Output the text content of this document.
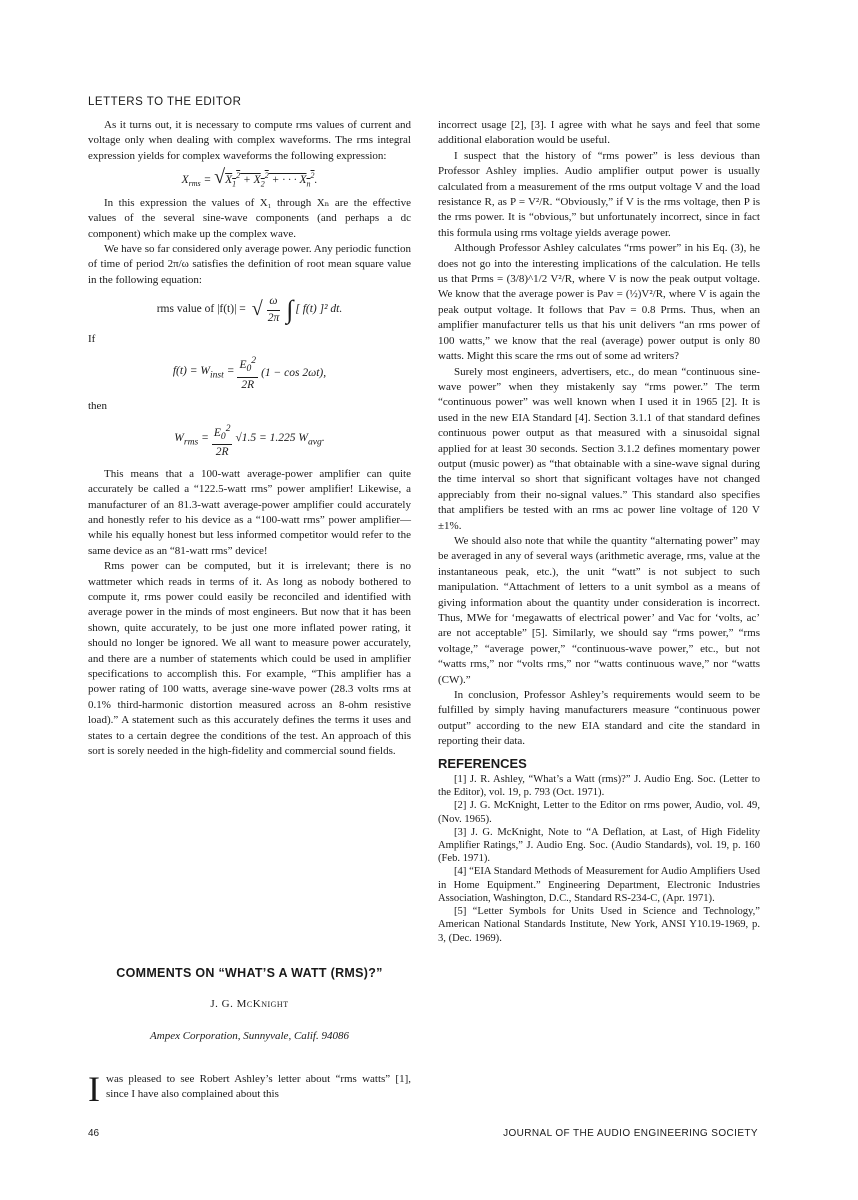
LETTERS TO THE EDITOR

As it turns out, it is necessary to compute rms values of current and voltage only when dealing with complex waveforms. The rms integral expression yields for complex waveforms the following expression:

$X_{rms} = √X_1^2 + X_2^2$ + · · · $X_n^2$.

In this expression the values of X₁ through Xₙ are the effective values of the several sine-wave components (and perhaps a dc component) which make up the complex wave.

We have so far considered only average power. Any periodic function of time of period 2π/ω satisfies the definition of root mean square value in the following equation:

rms value of |f(t)| = √ $\frac{\omega}{2\pi}$ ∫ [ f(t) ]² dt.

If

$f(t) = W_{inst} = \frac{E_0^2}{2R} (1 - \cos 2\omega t)$,

then

$W_{rms} = \frac{E_0^2}{2R} √1.5 = 1.225$ $W_{avg}$.

This means that a 100-watt average-power amplifier can quite accurately be called a “122.5-watt rms” power amplifier! Likewise, a manufacturer of an 81.3-watt average-power amplifier could accurately and honestly refer to his device as a “100-watt rms” power amplifier—while his equally honest but less informed competitor would refer to the same device as an “81-watt rms” device!

Rms power can be computed, but it is irrelevant; there is no wattmeter which reads in terms of it. As long as nobody bothered to compute it, rms power could easily be reconciled and identified with average power in the minds of most engineers. But now that it has been shown, quite accurately, to be just one more inflated power rating, it should no longer be ignored. We all want to measure power accurately, and there are a number of statements which could be used in amplifier specifications to accomplish this. For example, “This amplifier has a power rating of 100 watts, average sine-wave power (28.3 volts rms at 0.1% third-harmonic distortion measured across an 8-ohm resistive load).” A statement such as this accurately defines the terms it uses and states to a certain degree the conditions of the test. An approach of this sort is sorely needed in the high-fidelity and commercial sound fields.

COMMENTS ON “WHAT’S A WATT (RMS)?”
J. G. McKnight
Ampex Corporation, Sunnyvale, Calif. 94086
I was pleased to see Robert Ashley’s letter about “rms watts” [1], since I have also complained about this

incorrect usage [2], [3]. I agree with what he says and feel that some additional elaboration would be useful.

I suspect that the history of “rms power” is less devious than Professor Ashley implies. Audio amplifier output power is usually calculated from a measurement of the rms output voltage V and the load resistance R, as P = V²/R. “Obviously,” if V is the rms voltage, then P is the rms power. It is “obvious,” but unfortunately incorrect, since in fact this formula using rms voltage yields average power.

Although Professor Ashley calculates “rms power” in his Eq. (3), he does not go into the interesting implications of the calculation. He tells us that Prms = (3/8)^1/2 V²/R, where V is now the peak output voltage. We know that the average power is Pav = (½)V²/R, where V is again the peak output voltage. It follows that Pav = 0.8 Prms. Thus, when an amplifier manufacturer tells us that his unit delivers “an rms power of 100 watts,” we know that the real (average) power output is only 80 watts. Might this scare the rms out of some ad writers?

Surely most engineers, advertisers, etc., do mean “continuous sine-wave power” when they mistakenly say “rms power.” The term “continuous power” was well known when I used it in 1965 [2]. It is used in the new EIA Standard [4]. Section 3.1.1 of that standard defines continuous power output as that measured with a sinusoidal signal applied for at least 30 seconds. Section 3.1.2 defines momentary power output (music power) as “that obtainable with a sine-wave signal during the time interval so short that significant voltages have not changed appreciably from their no-signal values.” This standard also specifies that amplifiers be tested with an rms ac power line voltage of 120 V ±1%.

We should also note that while the quantity “alternating power” may be averaged in any of several ways (arithmetic average, rms, value at the instantaneous peak, etc.), the unit “watt” is not subject to such manipulation. “Attachment of letters to a unit symbol as a means of giving information about the quantity under consideration is incorrect. Thus, MWe for ‘megawatts of electrical power’ and Vac for ‘volts, ac’ are not acceptable” [5]. Similarly, we should say “rms power,” “rms voltage,” “average power,” “continuous-wave power,” etc., but not “watts rms,” nor “volts rms,” nor “watts continuous wave,” nor “watts (CW).”

In conclusion, Professor Ashley’s requirements would seem to be fulfilled by simply having manufacturers measure “continuous power output” according to the new EIA standard and cite the standard in reporting their data.

REFERENCES

[1] J. R. Ashley, “What’s a Watt (rms)?” J. Audio Eng. Soc. (Letter to the Editor), vol. 19, p. 793 (Oct. 1971).

[2] J. G. McKnight, Letter to the Editor on rms power, Audio, vol. 49, (Nov. 1965).

[3] J. G. McKnight, Note to “A Deflation, at Last, of High Fidelity Amplifier Ratings,” J. Audio Eng. Soc. (Audio Standards), vol. 19, p. 160 (Feb. 1971).

[4] “EIA Standard Methods of Measurement for Audio Amplifiers Used in Home Equipment.” Engineering Department, Electronic Industries Association, Washington, D.C., Standard RS-234-C, (Apr. 1971).

[5] “Letter Symbols for Units Used in Science and Technology,” American National Standards Institute, New York, ANSI Y10.19-1969, p. 3, (Dec. 1969).

46	JOURNAL OF THE AUDIO ENGINEERING SOCIETY
